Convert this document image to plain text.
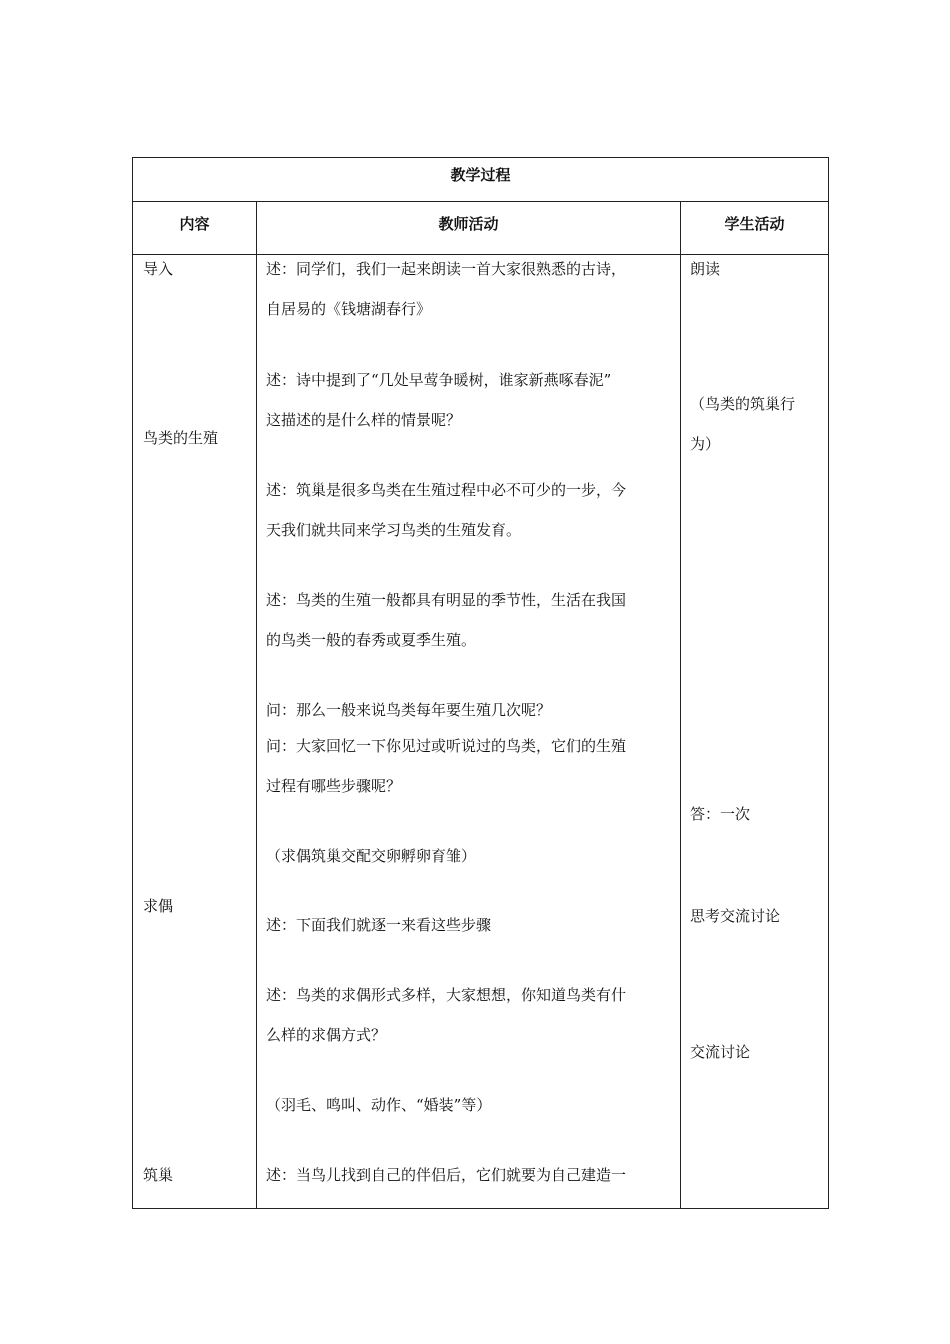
教学过程
内容	教师活动	学生活动
导入
鸟类的生殖
求偶
筑巢
述：同学们，我们一起来朗读一首大家很熟悉的古诗，
自居易的《钱塘湖春行》
述：诗中提到了“几处早莺争暖树，谁家新燕啄春泥”
这描述的是什么样的情景呢？
述：筑巢是很多鸟类在生殖过程中必不可少的一步，今
天我们就共同来学习鸟类的生殖发育。
述：鸟类的生殖一般都具有明显的季节性，生活在我国
的鸟类一般的春秀或夏季生殖。
问：那么一般来说鸟类每年要生殖几次呢？
问：大家回忆一下你见过或听说过的鸟类，它们的生殖
过程有哪些步骤呢？
（求偶筑巢交配交卵孵卵育雏）
述：下面我们就逐一来看这些步骤
述：鸟类的求偶形式多样，大家想想，你知道鸟类有什
么样的求偶方式？
（羽毛、鸣叫、动作、“婚装”等）
述：当鸟儿找到自己的伴侣后，它们就要为自己建造一
朗读
（鸟类的筑巢行
为）
答：一次
思考交流讨论
交流讨论
